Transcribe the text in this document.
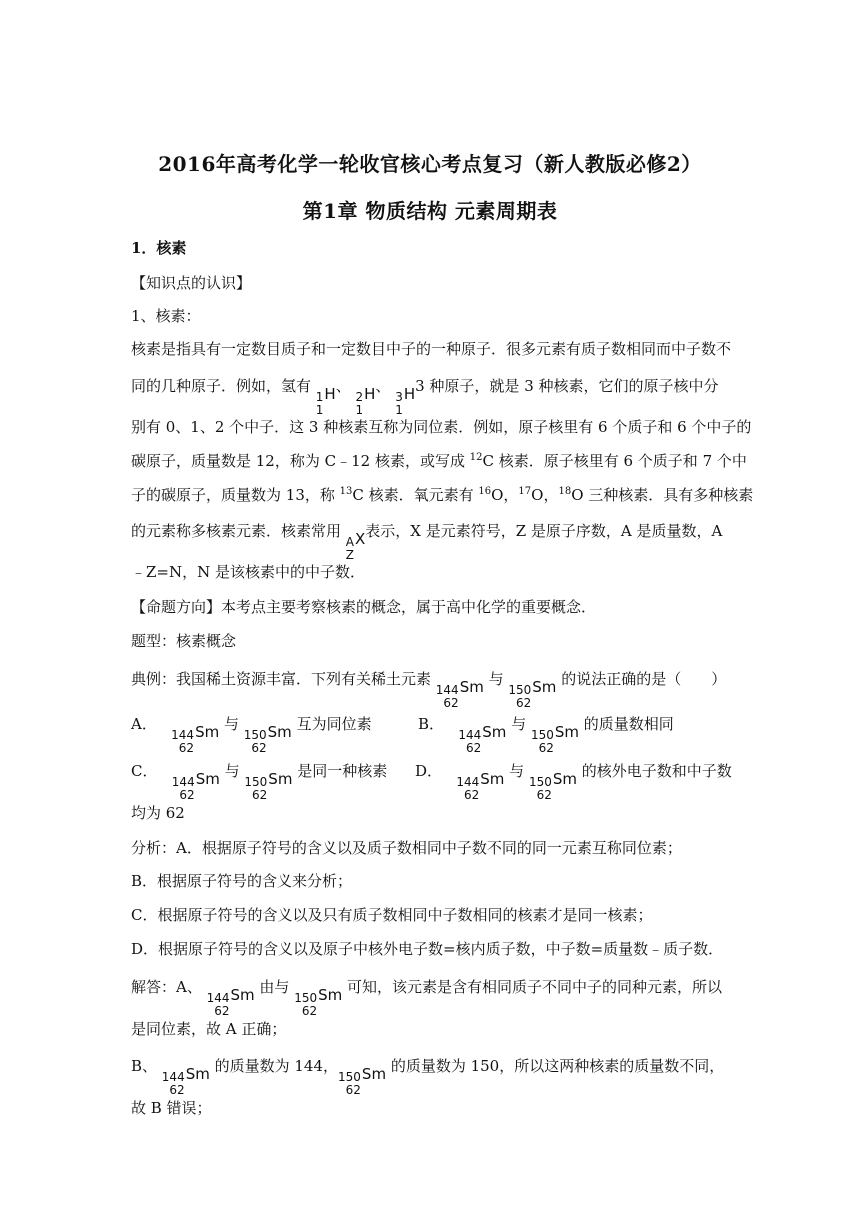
2016年高考化学一轮收官核心考点复习（新人教版必修2）
第1章 物质结构 元素周期表
1．核素
【知识点的认识】
1、核素：
核素是指具有一定数目质子和一定数目中子的一种原子．很多元素有质子数相同而中子数不
同的几种原子．例如，氢有
1
1
H、
2
1
H、
3
1
H3 种原子，就是 3 种核素，它们的原子核中分
别有 0、1、2 个中子．这 3 种核素互称为同位素．例如，原子核里有 6 个质子和 6 个中子的
碳原子，质量数是 12，称为 C﹣12 核素，或写成 $^{12}$C 核素．原子核里有 6 个质子和 7 个中
子的碳原子，质量数为 13，称 $^{13}$C 核素．氧元素有 $^{16}$O，$^{17}$O，$^{18}$O 三种核素．具有多种核素
的元素称多核素元素．核素常用
A
Z
X表示，X 是元素符号，Z 是原子序数，A 是质量数，A
﹣Z=N，N 是该核素中的中子数．
【命题方向】本考点主要考察核素的概念，属于高中化学的重要概念．
题型：核素概念
典例：我国稀土资源丰富．下列有关稀土元素
144
62
Sm 与
150
62
Sm 的说法正确的是（　　）
A．
144
62
Sm 与
150
62
Sm 互为同位素	B．
144
62
Sm 与
150
62
Sm 的质量数相同
C．
144
62
Sm 与
150
62
Sm 是同一种核素 D．
144
62
Sm 与
150
62
Sm 的核外电子数和中子数
均为 62
分析：A．根据原子符号的含义以及质子数相同中子数不同的同一元素互称同位素；
B．根据原子符号的含义来分析；
C．根据原子符号的含义以及只有质子数相同中子数相同的核素才是同一核素；
D．根据原子符号的含义以及原子中核外电子数=核内质子数，中子数=质量数﹣质子数．
解答：A、
144
62
Sm 由与
150
62
Sm 可知，该元素是含有相同质子不同中子的同种元素，所以
是同位素，故 A 正确；
B、
144
62
Sm 的质量数为 144，
150
62
Sm 的质量数为 150，所以这两种核素的质量数不同，
故 B 错误；
